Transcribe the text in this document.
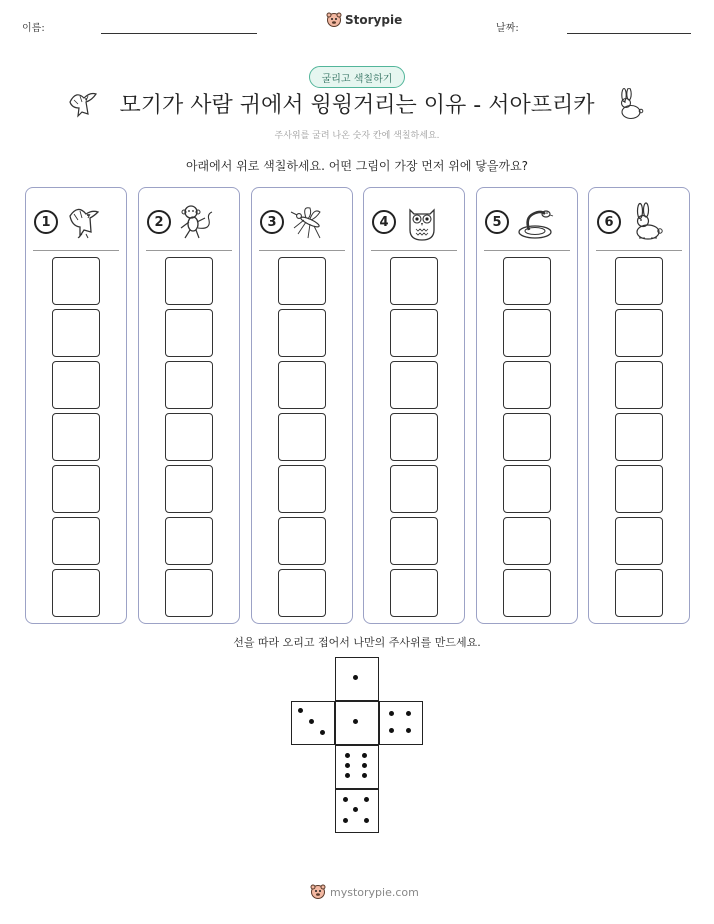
이름:
Storypie
날짜:
굴리고 색칠하기
모기가 사람 귀에서 윙윙거리는 이유 - 서아프리카
주사위를 굴려 나온 숫자 칸에 색칠하세요.
아래에서 위로 색칠하세요. 어떤 그림이 가장 먼저 위에 닿을까요?
1	2	3	4	5	6
선을 따라 오리고 접어서 나만의 주사위를 만드세요.
mystorypie.com
